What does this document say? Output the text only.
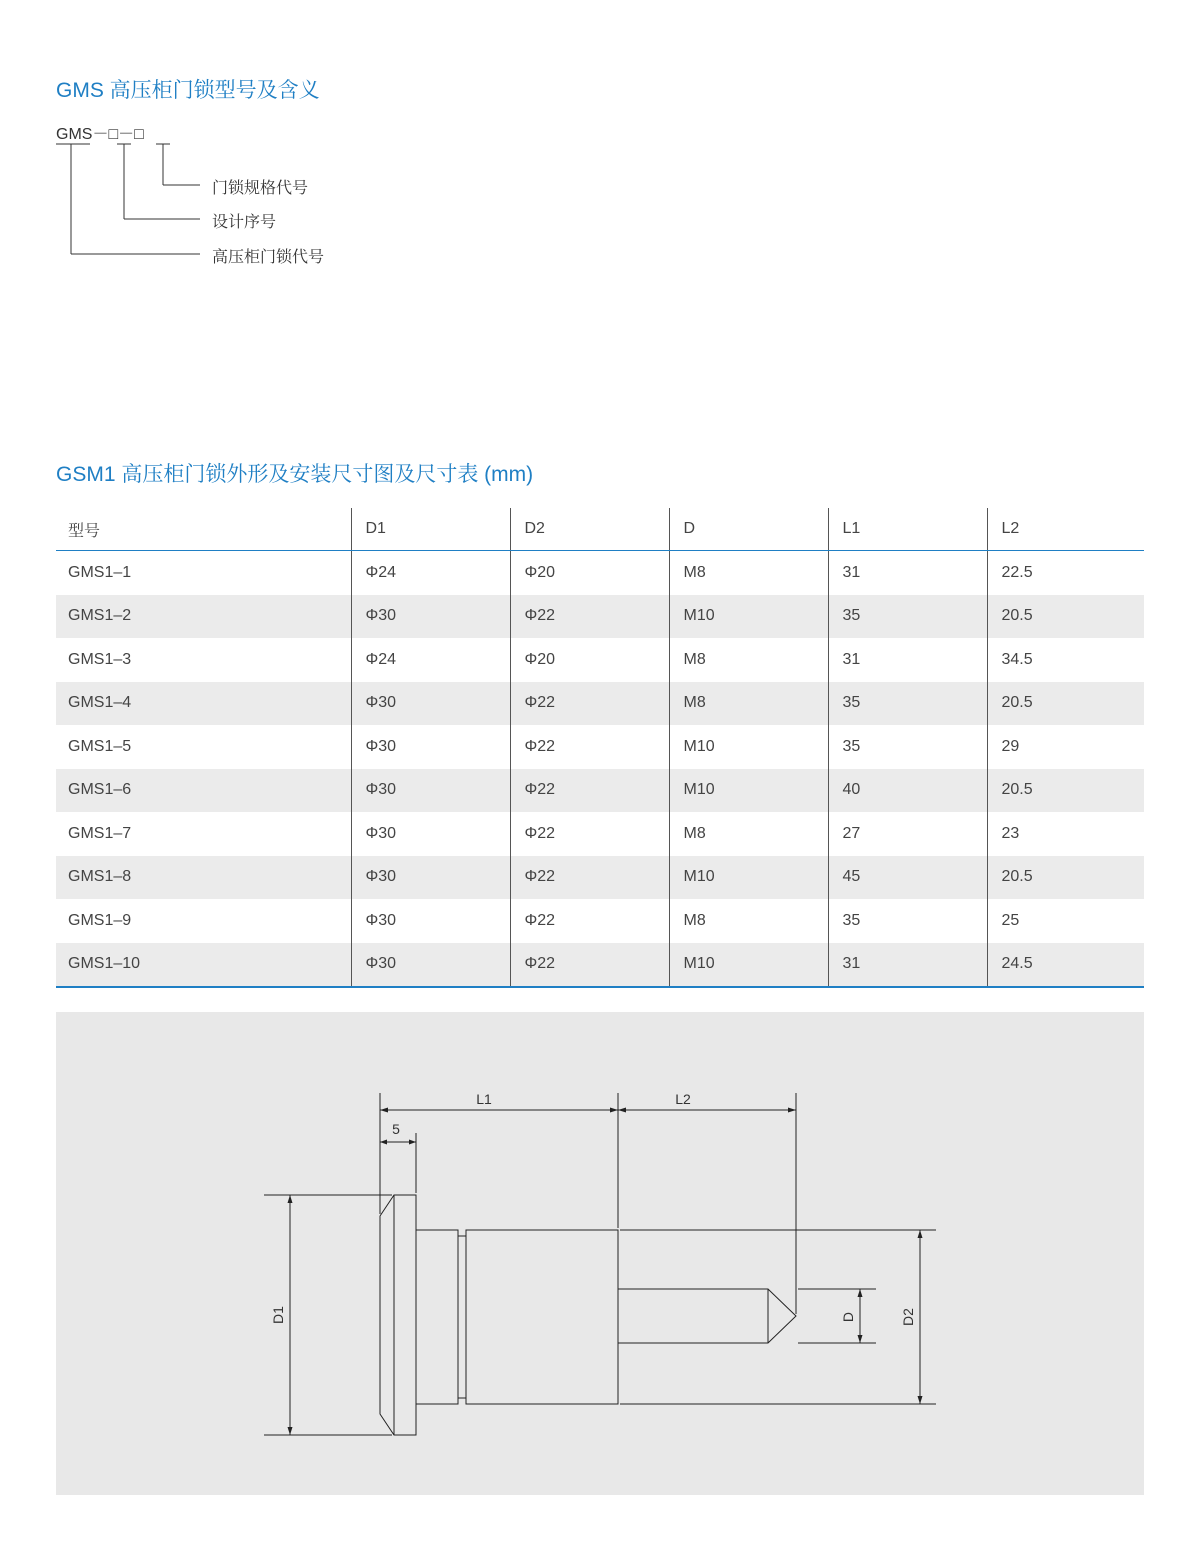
GMS 高压柜门锁型号及含义
GMS－□－□
门锁规格代号
设计序号
高压柜门锁代号
GSM1 高压柜门锁外形及安装尺寸图及尺寸表 (mm)
型号	D1	D2	D	L1	L2
GMS1–1	Φ24	Φ20	M8	31	22.5
GMS1–2	Φ30	Φ22	M10	35	20.5
GMS1–3	Φ24	Φ20	M8	31	34.5
GMS1–4	Φ30	Φ22	M8	35	20.5
GMS1–5	Φ30	Φ22	M10	35	29
GMS1–6	Φ30	Φ22	M10	40	20.5
GMS1–7	Φ30	Φ22	M8	27	23
GMS1–8	Φ30	Φ22	M10	45	20.5
GMS1–9	Φ30	Φ22	M8	35	25
GMS1–10	Φ30	Φ22	M10	31	24.5
L1	L2
5
D1	D	D2
